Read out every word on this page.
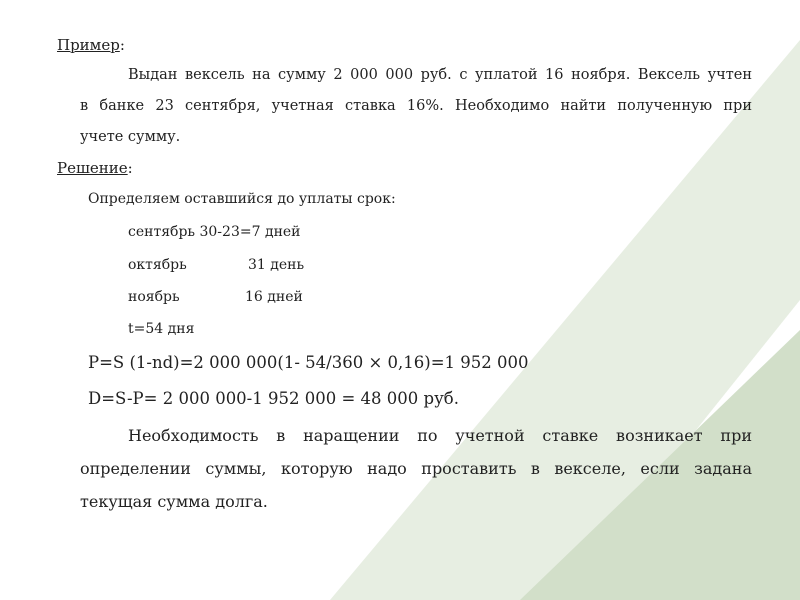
Пример:
Выдан вексель на сумму 2 000 000 руб. с уплатой 16 ноября. Вексель учтен
в банке 23 сентября, учетная ставка 16%. Необходимо найти полученную при
учете сумму.
Решение:
Определяем оставшийся до уплаты срок:
сентябрь 30-23=7 дней
октябрь	31 день
ноябрь	16 дней
t=54 дня
P=S (1-nd)=2 000 000(1- 54/360 × 0,16)=1 952 000
D=S-P= 2 000 000-1 952 000 = 48 000 руб.
Необходимость в наращении по учетной ставке возникает при
определении суммы, которую надо проставить в векселе, если задана
текущая сумма долга.
